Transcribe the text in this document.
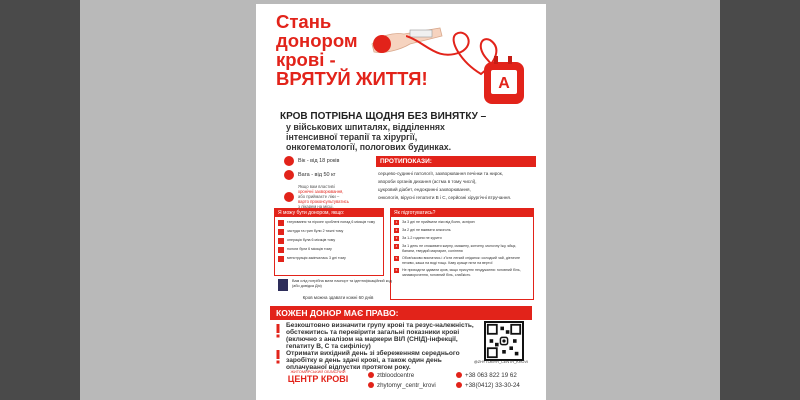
Стань
донором
крові -
ВРЯТУЙ ЖИТТЯ!	A
КРОВ ПОТРІБНА ЩОДНЯ БЕЗ ВИНЯТКУ –
у військових шпиталях, відділеннях
інтенсивної терапії та хірургії,
онкогематології, пологових будинках.
Вік - від 18 років
Вага - від 50 кг
Якщо вам властиві
хронічні захворювання,
або приймаєте ліки –
варто проконсультуватись
з лікарем на місці.
ПРОТИПОКАЗИ:
серцево-судинні патології, захворювання печінки та нирок,
хвороби органів дихання (астма в тому числі),
цукровий діабет, ендокринні захворювання,
онкологія, вірусні гепатити В і С, серйозні хірургічні втручання.
Я можу бути донором, якщо:
татуювання та пірсинг зроблені понад 6 місяців тому
застуда та грип були 2 тижні тому
операція була 6 місяців тому
пологи були 6 місяців тому
менструація закінчилась 3 дні тому
Як підготуватись?
1	За 3 дні не приймати ліки від болю, аспірин
2	За 2 дні не вживати алкоголь
3	За 1-2 години не курити
4	За 1 день не споживати жирну, смажену, копчену, молочну їжу, яйця, банани, твердий маргарин, солінння
5	Обов’язково виспатись і з’їсти легкий сніданок: солодкий чай, дієтичне печиво, каша на воді тощо. Каву краще пити на вертої
6	Не приходити здавати кров, якщо присутнє нездужання: головний біль, запаморочення, головний біль, слабкість
Вам слід потрібна мати паспорт та ідентифікаційний код (або довідка Дія)
Кров можна здавати кожні 60 днів
КОЖЕН ДОНОР МАЄ ПРАВО:
Безкоштовно визначити групу крові та резус-належність,
обстежитись та перевірити загальні показники крові
(включно з аналізом на маркери ВІЛ (СНІД)-інфекції,
гепатиту В, С та сифілісу)
Отримати вихідний день зі збереженням середнього
заробітку в день здачі крові, а також один день
оплачуваної відпустки протягом року.
@ZHYTOMYR_CENTR_KROVI
ЖИТОМИРСЬКИЙ ОБЛАСНИЙ
ЦЕНТР КРОВІ	ztbloodcentre
zhytomyr_centr_krovi
+38 063 822 19 62
+38(0412) 33-30-24
